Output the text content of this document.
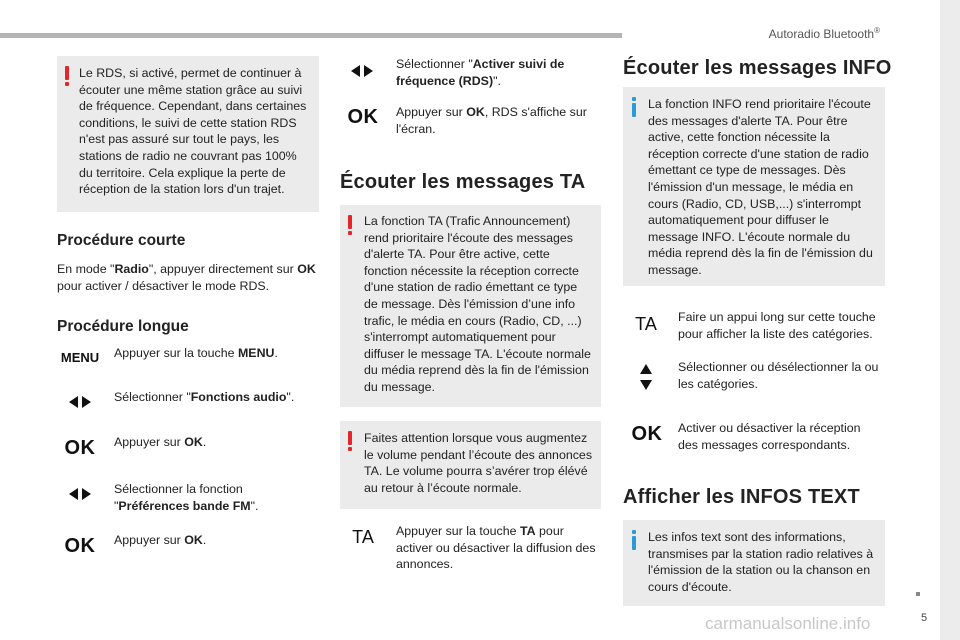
Autoradio Bluetooth®
5
carmanualsonline.info

Le RDS, si activé, permet de continuer à écouter une même station grâce au suivi de fréquence. Cependant, dans certaines conditions, le suivi de cette station RDS n'est pas assuré sur tout le pays, les stations de radio ne couvrant pas 100% du territoire. Cela explique la perte de réception de la station lors d'un trajet.

Procédure courte

En mode "Radio", appuyer directement sur OK pour activer / désactiver le mode RDS.

Procédure longue
MENU	Appuyer sur la touche MENU.

Sélectionner "Fonctions audio".

OK	Appuyer sur OK.

Sélectionner la fonction "Préférences bande FM".

OK	Appuyer sur OK.

Sélectionner "Activer suivi de fréquence (RDS)".

OK	Appuyer sur OK, RDS s'affiche sur l'écran.

Écouter les messages TA

La fonction TA (Trafic Announcement) rend prioritaire l'écoute des messages d'alerte TA. Pour être active, cette fonction nécessite la réception correcte d'une station de radio émettant ce type de message. Dès l'émission d’une info trafic, le média en cours (Radio, CD, ...) s'interrompt automatiquement pour diffuser le message TA. L'écoute normale du média reprend dès la fin de l'émission du message.

Faites attention lorsque vous augmentez le volume pendant l’écoute des annonces TA. Le volume pourra s’avérer trop élévé au retour à l’écoute normale.

TA	Appuyer sur la touche TA pour activer ou désactiver la diffusion des annonces.

Écouter les messages INFO

La fonction INFO rend prioritaire l'écoute des messages d'alerte TA. Pour être active, cette fonction nécessite la réception correcte d'une station de radio émettant ce type de messages. Dès l'émission d'un message, le média en cours (Radio, CD, USB,...) s'interrompt automatiquement pour diffuser le message INFO. L'écoute normale du média reprend dès la fin de l'émission du message.

TA	Faire un appui long sur cette touche pour afficher la liste des catégories.

Sélectionner ou désélectionner la ou les catégories.

OK	Activer ou désactiver la réception des messages correspondants.

Afficher les INFOS TEXT

Les infos text sont des informations, transmises par la station radio relatives à l'émission de la station ou la chanson en cours d'écoute.
